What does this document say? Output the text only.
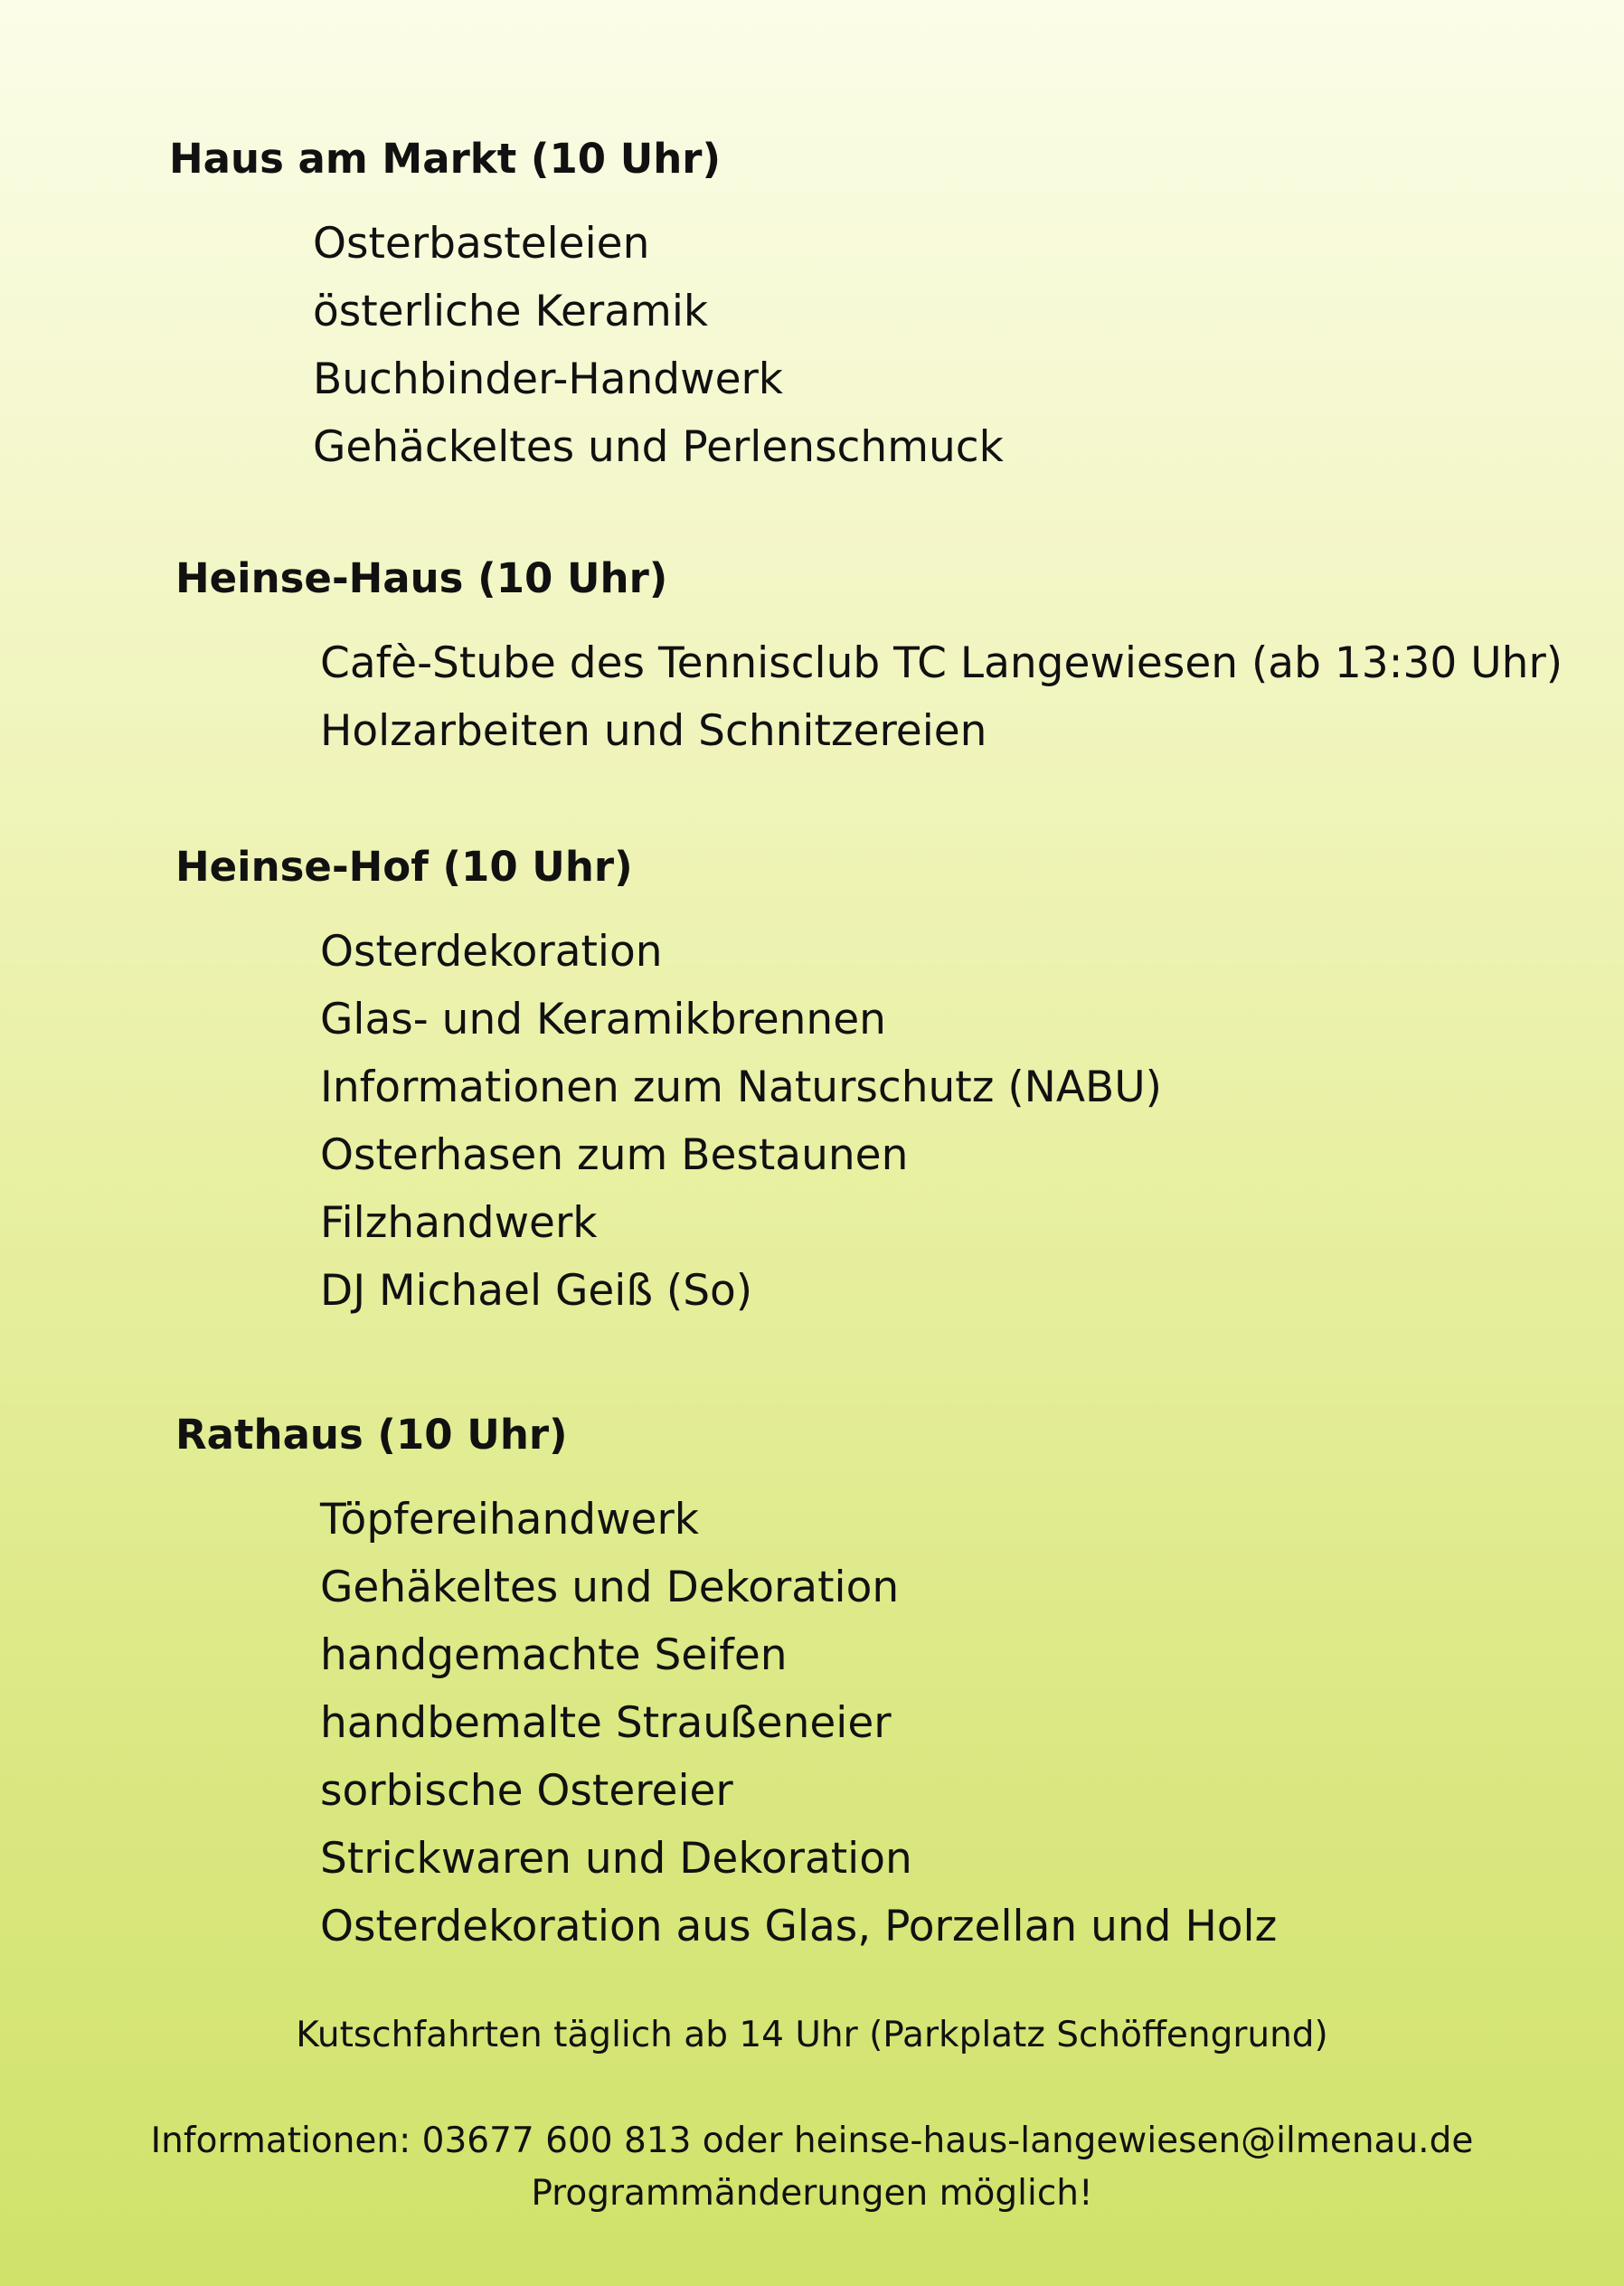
Haus am Markt (10 Uhr)
Osterbasteleien
österliche Keramik
Buchbinder-Handwerk
Gehäckeltes und Perlenschmuck
Heinse-Haus (10 Uhr)
Cafè-Stube des Tennisclub TC Langewiesen (ab 13:30 Uhr)
Holzarbeiten und Schnitzereien
Heinse-Hof (10 Uhr)
Osterdekoration
Glas- und Keramikbrennen
Informationen zum Naturschutz (NABU)
Osterhasen zum Bestaunen
Filzhandwerk
DJ Michael Geiß (So)
Rathaus (10 Uhr)
Töpfereihandwerk
Gehäkeltes und Dekoration
handgemachte Seifen
handbemalte Straußeneier
sorbische Ostereier
Strickwaren und Dekoration
Osterdekoration aus Glas, Porzellan und Holz

Kutschfahrten täglich ab 14 Uhr (Parkplatz Schöffengrund)

Informationen: 03677 600 813 oder heinse-haus-langewiesen@ilmenau.de

Programmänderungen möglich!
